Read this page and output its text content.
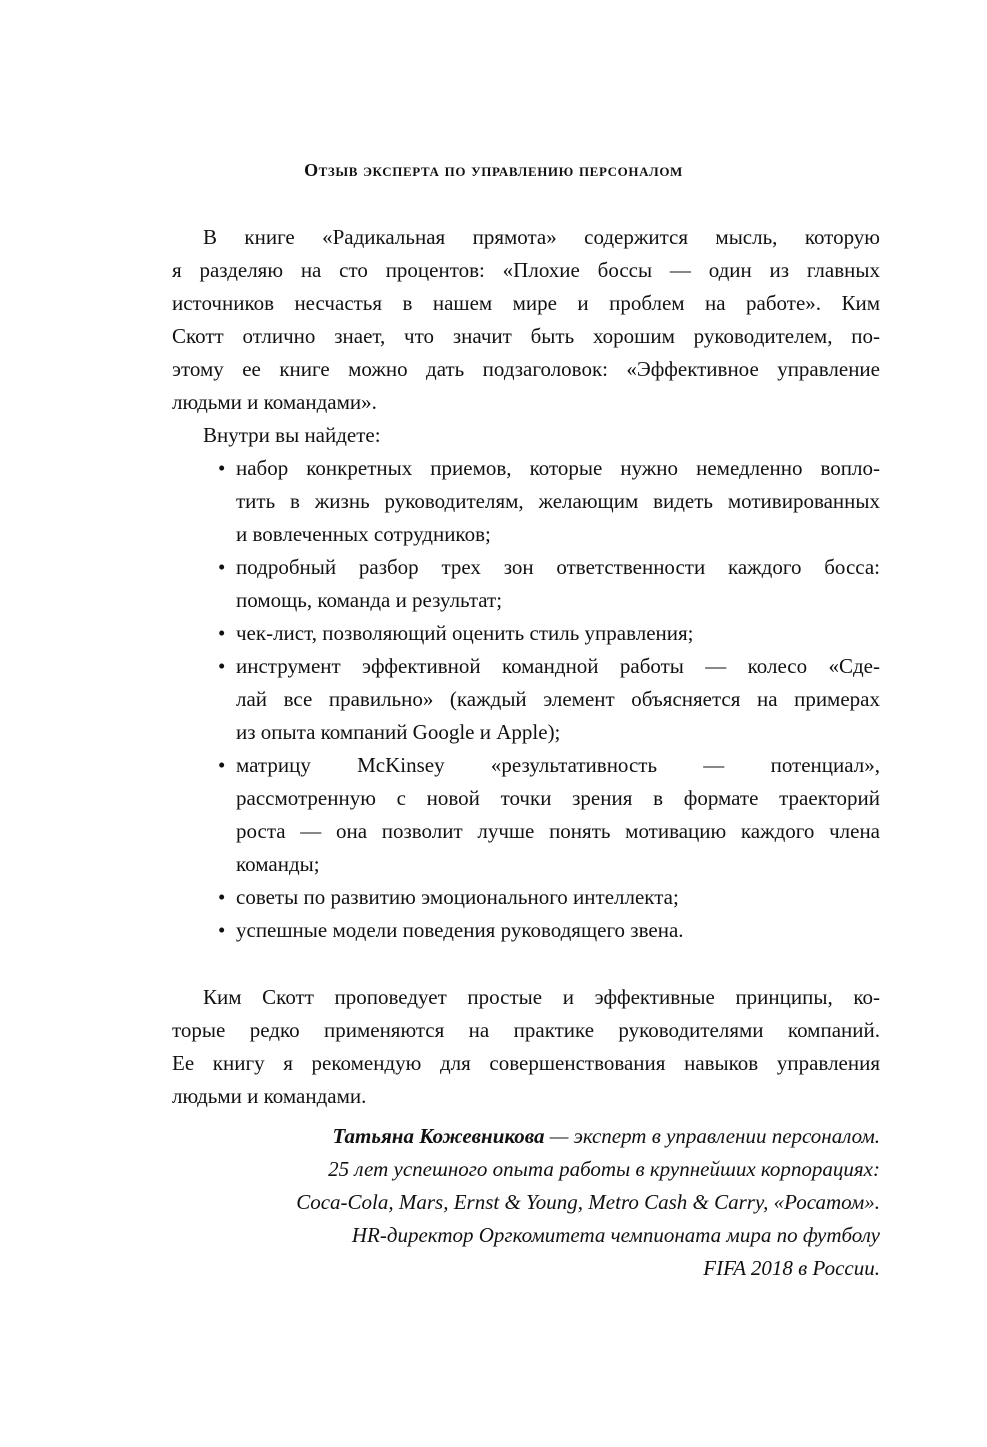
Отзыв эксперта по управлению персоналом
В книге «Радикальная прямота» содержится мысль, которую
я разделяю на сто процентов: «Плохие боссы — один из главных
источников несчастья в нашем мире и проблем на работе». Ким
Скотт отлично знает, что значит быть хорошим руководителем, по-
этому ее книге можно дать подзаголовок: «Эффективное управление
людьми и командами».
Внутри вы найдете:
набор конкретных приемов, которые нужно немедленно вопло-
•
тить в жизнь руководителям, желающим видеть мотивированных
и вовлеченных сотрудников;
подробный разбор трех зон ответственности каждого босса:
•
помощь, команда и результат;
чек-лист, позволяющий оценить стиль управления;
•
инструмент эффективной командной работы — колесо «Сде-
•
лай все правильно» (каждый элемент объясняется на примерах
из опыта компаний Google и Apple);
матрицу McKinsey «результативность — потенциал»,
•
рассмотренную с новой точки зрения в формате траекторий
роста — она позволит лучше понять мотивацию каждого члена
команды;
советы по развитию эмоционального интеллекта;
•
успешные модели поведения руководящего звена.
•
Ким Скотт проповедует простые и эффективные принципы, ко-
торые редко применяются на практике руководителями компаний.
Ее книгу я рекомендую для совершенствования навыков управления
людьми и командами.
Татьяна Кожевникова — эксперт в управлении персоналом.
25 лет успешного опыта работы в крупнейших корпорациях:
Coca-Cola, Mars, Ernst & Young, Metro Cash & Carry, «Росатом».
HR-директор Оргкомитета чемпионата мира по футболу
FIFA 2018 в России.
